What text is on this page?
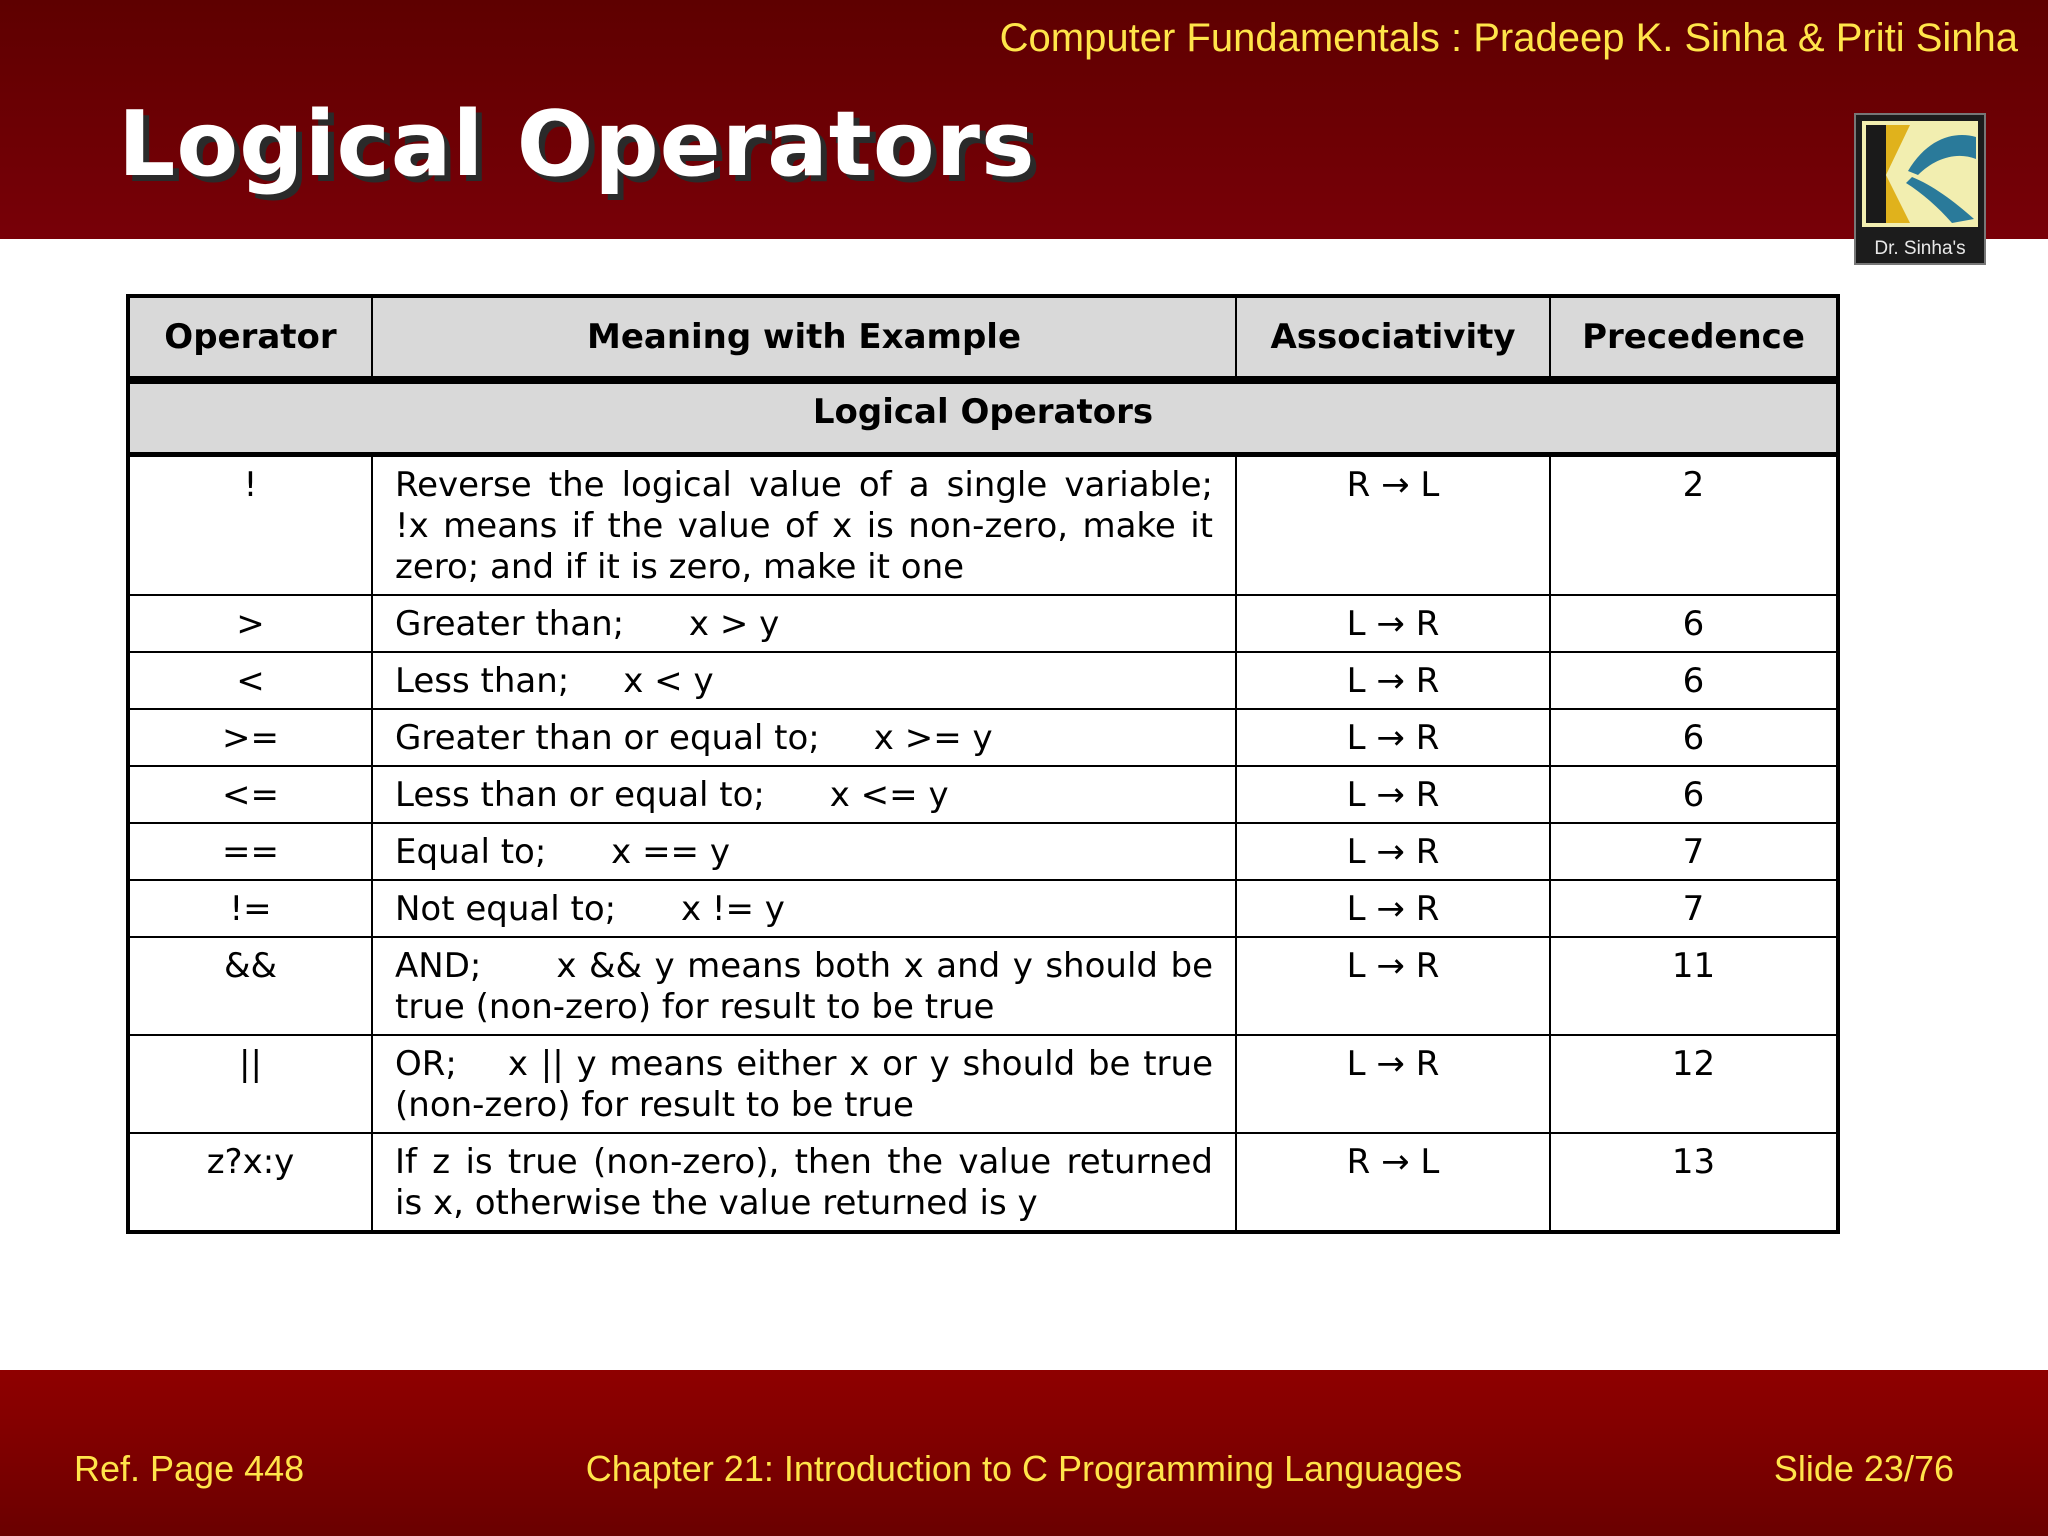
Computer Fundamentals : Pradeep K. Sinha & Priti Sinha
Logical Operators
Dr. Sinha's
Operator	Meaning with Example	Associativity	Precedence
Logical Operators			
!	Reverse the logical value of a single variable; !x means if the value of x is non-zero, make it zero; and if it is zero, make it one	R → L	2
>	Greater than;      x > y	L → R	6
<	Less than;     x < y	L → R	6
>=	Greater than or equal to;     x >= y	L → R	6
<=	Less than or equal to;      x <= y	L → R	6
==	Equal to;      x == y	L → R	7
!=	Not equal to;      x != y	L → R	7
&&	AND;      x && y means both x and y should be true (non-zero) for result to be true	L → R	11
||	OR;    x || y means either x or y should be true (non-zero) for result to be true	L → R	12
z?x:y	If z is true (non-zero), then the value returned is x, otherwise the value returned is y	R → L	13
Ref. Page 448	Chapter 21: Introduction to C Programming Languages	Slide 23/76
